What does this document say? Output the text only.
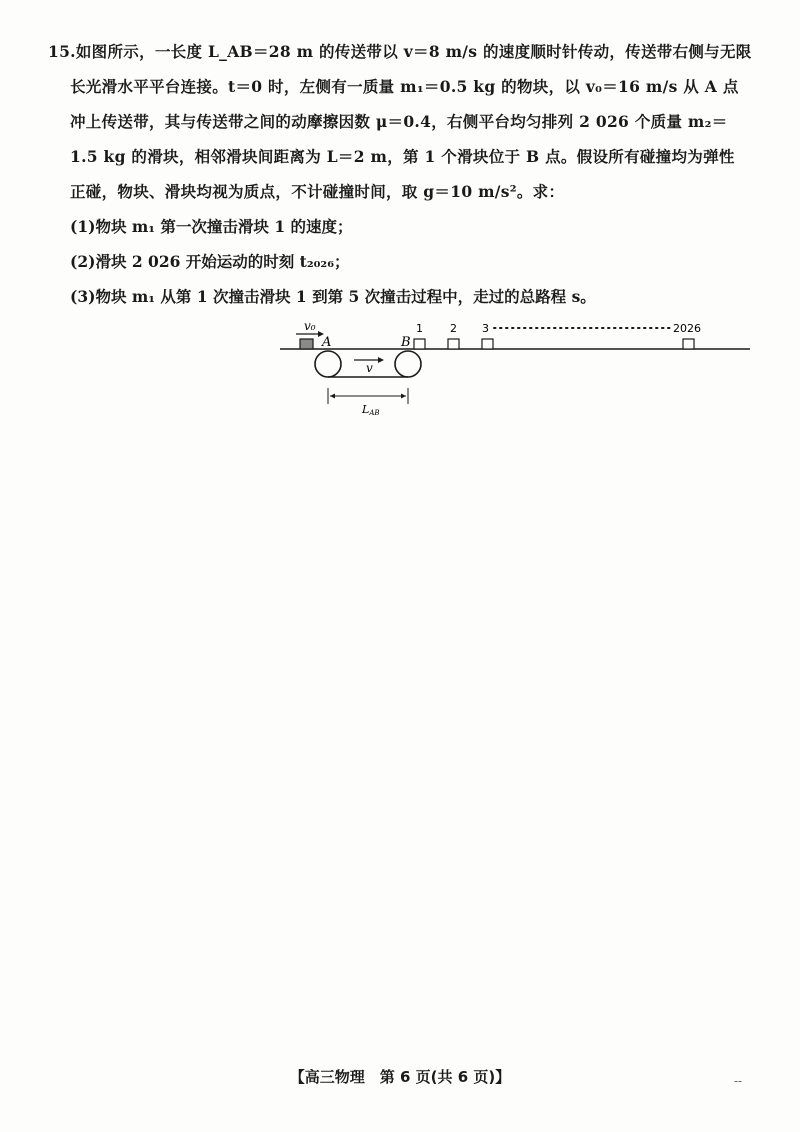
15.如图所示，一长度 L_AB＝28 m 的传送带以 v＝8 m/s 的速度顺时针传动，传送带右侧与无限
长光滑水平平台连接。t＝0 时，左侧有一质量 m₁＝0.5 kg 的物块，以 v₀＝16 m/s 从 A 点
冲上传送带，其与传送带之间的动摩擦因数 μ＝0.4，右侧平台均匀排列 2 026 个质量 m₂＝
1.5 kg 的滑块，相邻滑块间距离为 L＝2 m，第 1 个滑块位于 B 点。假设所有碰撞均为弹性
正碰，物块、滑块均视为质点，不计碰撞时间，取 g＝10 m/s²。求：
(1)物块 m₁ 第一次撞击滑块 1 的速度；
(2)滑块 2 026 开始运动的时刻 t₂₀₂₆；
(3)物块 m₁ 从第 1 次撞击滑块 1 到第 5 次撞击过程中，走过的总路程 s。
v₀
A
v
B
LAB
1 2 3	2026
【高三物理　第 6 页(共 6 页)】	--
